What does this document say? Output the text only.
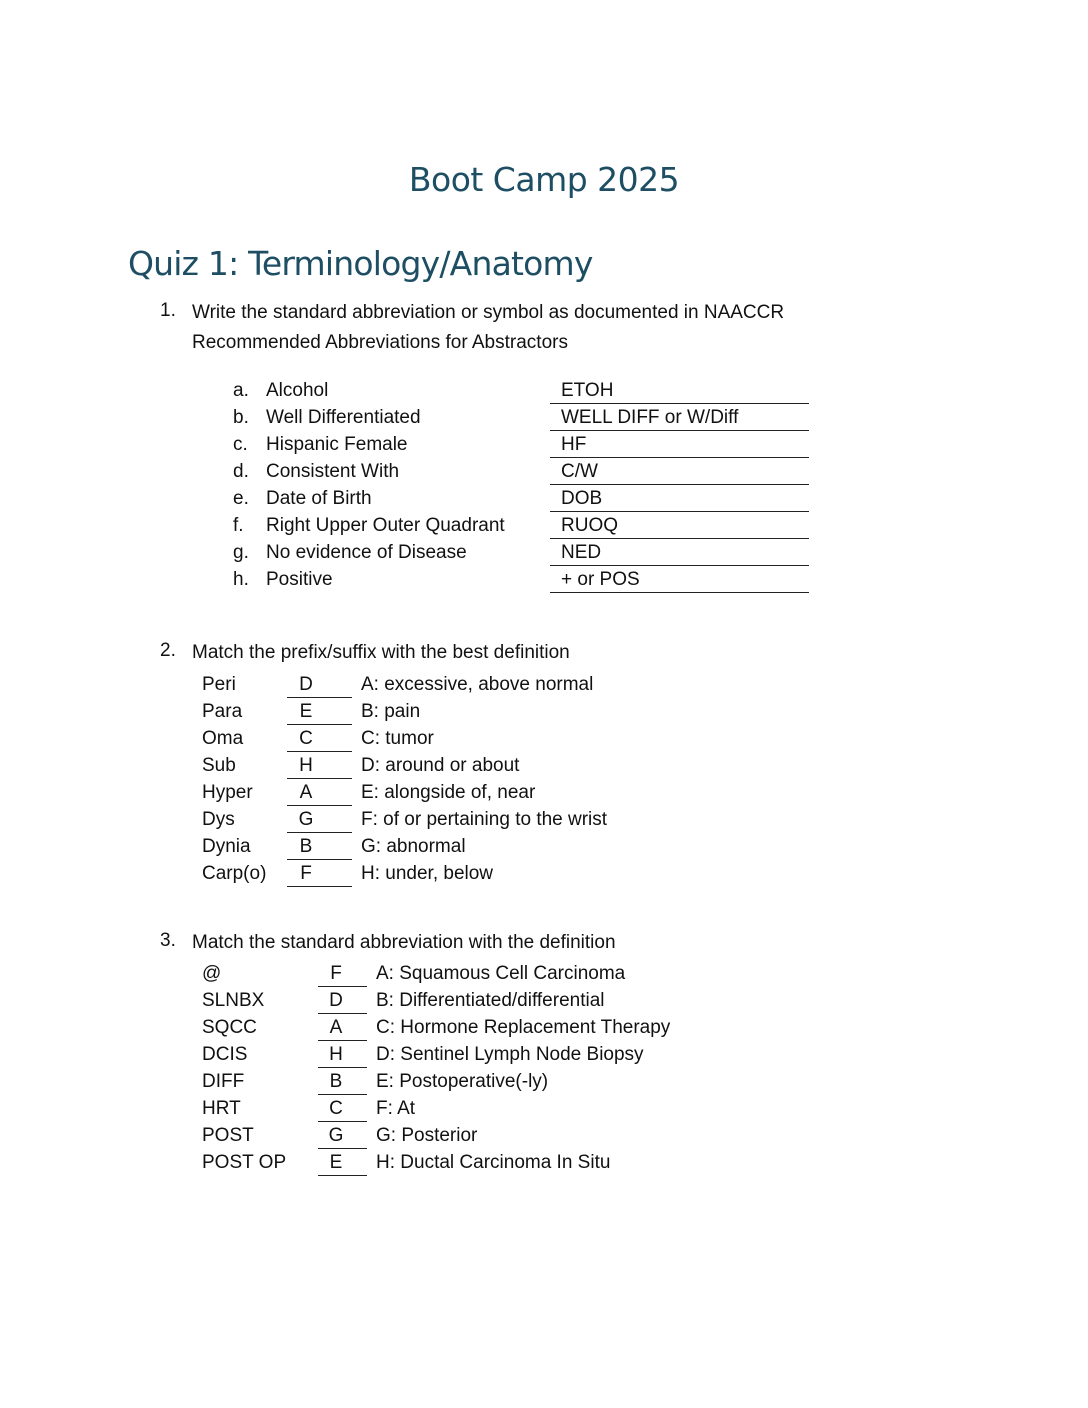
Boot Camp 2025
Quiz 1: Terminology/Anatomy
1. Write the standard abbreviation or symbol as documented in NAACCR
Recommended Abbreviations for Abstractors
a. Alcohol	ETOH
b. Well Differentiated	WELL DIFF or W/Diff
c. Hispanic Female	HF
d. Consistent With	C/W
e. Date of Birth	DOB
f. Right Upper Outer Quadrant	RUOQ
g. No evidence of Disease	NED
h. Positive	+ or POS
2. Match the prefix/suffix with the best definition
Peri	D	A: excessive, above normal
Para	E	B: pain
Oma	C	C: tumor
Sub	H	D: around or about
Hyper	A	E: alongside of, near
Dys	G	F: of or pertaining to the wrist
Dynia	B	G: abnormal
Carp(o)	F	H: under, below
3. Match the standard abbreviation with the definition
@	F	A: Squamous Cell Carcinoma
SLNBX	D	B: Differentiated/differential
SQCC	A	C: Hormone Replacement Therapy
DCIS	H	D: Sentinel Lymph Node Biopsy
DIFF	B	E: Postoperative(-ly)
HRT	C	F: At
POST	G	G: Posterior
POST OP	E	H: Ductal Carcinoma In Situ
